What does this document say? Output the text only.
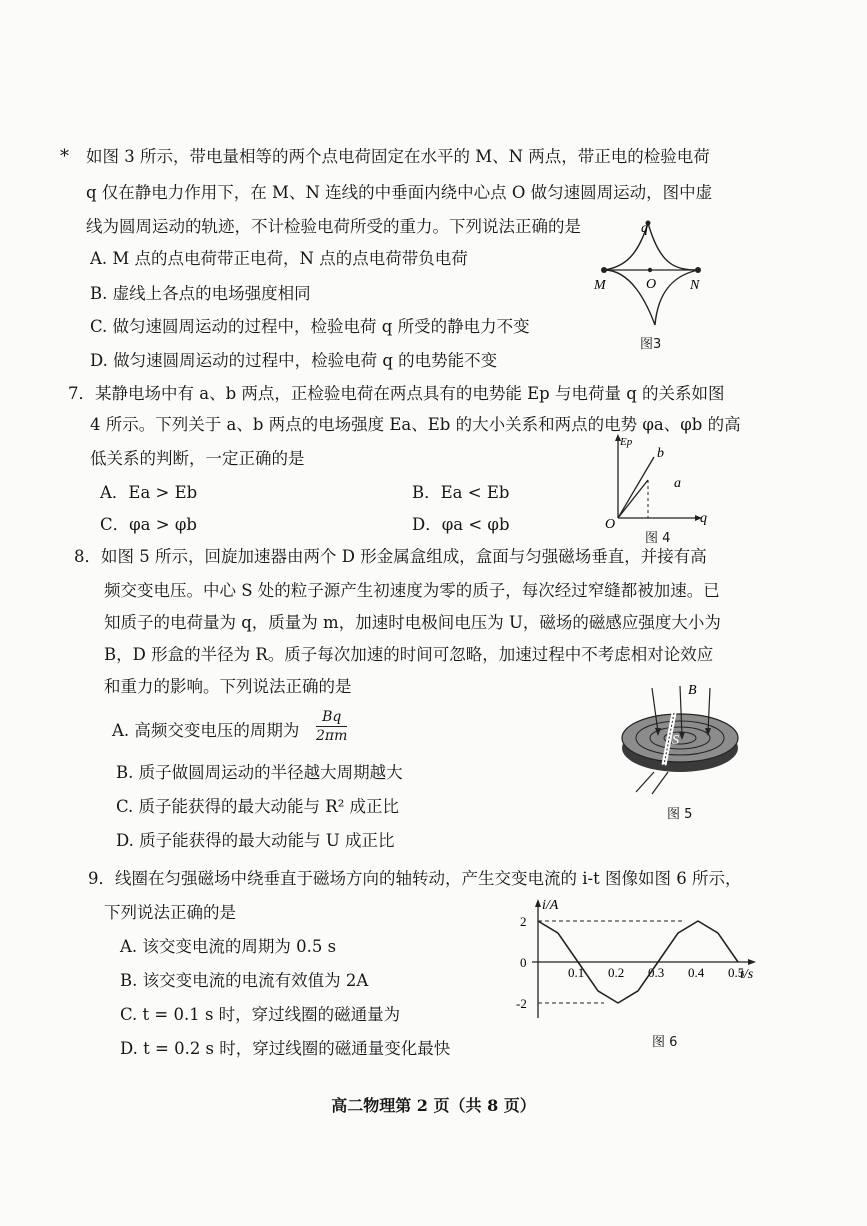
* 如图 3 所示，带电量相等的两个点电荷固定在水平的 M、N 两点，带正电的检验电荷
q 仅在静电力作用下，在 M、N 连线的中垂面内绕中心点 O 做匀速圆周运动，图中虚
线为圆周运动的轨迹，不计检验电荷所受的重力。下列说法正确的是
A. M 点的点电荷带正电荷，N 点的点电荷带负电荷
B. 虚线上各点的电场强度相同
C. 做匀速圆周运动的过程中，检验电荷 q 所受的静电力不变
D. 做匀速圆周运动的过程中，检验电荷 q 的电势能不变
q
M	O N
图3
7．某静电场中有 a、b 两点，正检验电荷在两点具有的电势能 Ep 与电荷量 q 的关系如图
4 所示。下列关于 a、b 两点的电场强度 Ea、Eb 的大小关系和两点的电势 φa、φb 的高
低关系的判断，一定正确的是
A．Ea > Eb	B．Ea < Eb
C．φa > φb	D．φa < φb
Ep
b
a
O	q
图 4
8．如图 5 所示，回旋加速器由两个 D 形金属盒组成，盒面与匀强磁场垂直，并接有高
频交变电压。中心 S 处的粒子源产生初速度为零的质子，每次经过窄缝都被加速。已
知质子的电荷量为 q，质量为 m，加速时电极间电压为 U，磁场的磁感应强度大小为
B，D 形盒的半径为 R。质子每次加速的时间可忽略，加速过程中不考虑相对论效应
和重力的影响。下列说法正确的是
A. 高频交变电压的周期为 $\frac{Bq}{2\pi m}$
B. 质子做圆周运动的半径越大周期越大
C. 质子能获得的最大动能与 R² 成正比
D. 质子能获得的最大动能与 U 成正比
B
S
图 5
9．线圈在匀强磁场中绕垂直于磁场方向的轴转动，产生交变电流的 i-t 图像如图 6 所示，
下列说法正确的是
A. 该交变电流的周期为 0.5 s
B. 该交变电流的电流有效值为 2A
C. t = 0.1 s 时，穿过线圈的磁通量为
D. t = 0.2 s 时，穿过线圈的磁通量变化最快
0.1 0.2 0.3 0.4 0.5
2
0
-2
i/A
t/s
图 6
高二物理第 2 页（共 8 页）
